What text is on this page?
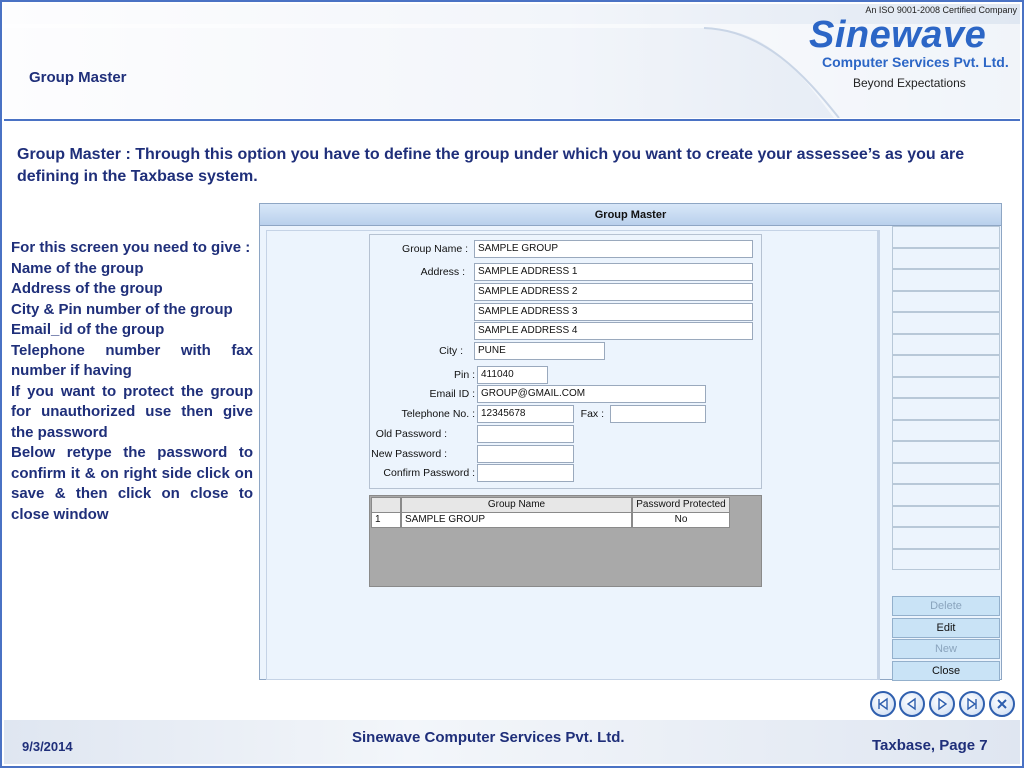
Group Master
An ISO 9001-2008 Certified Company
Sinewave
Computer Services Pvt. Ltd.
Beyond Expectations
Group Master : Through this option you have to define the group under which you want to create your assessee’s as you are defining in the Taxbase system.

For this screen you need to give :

Name of the group

Address of the group

City & Pin number of the group

Email_id of the group

Telephone number with fax number if having

If you want to protect the group for unauthorized use then give the password

Below retype the password to confirm it & on right side click on save & then click on close to close window

Group Master
Group Name :	SAMPLE GROUP
Address :	SAMPLE ADDRESS 1
SAMPLE ADDRESS 2
SAMPLE ADDRESS 3
SAMPLE ADDRESS 4
City :	PUNE
Pin : 411040
Email ID : GROUP@GMAIL.COM
Telephone No. : 12345678	Fax :
Old Password :
New Password :
Confirm Password :
Group Name	Password Protected
1	SAMPLE GROUP	No
Delete
Edit
New
Close
9/3/2014
Sinewave Computer Services Pvt. Ltd.	Taxbase, Page 7
